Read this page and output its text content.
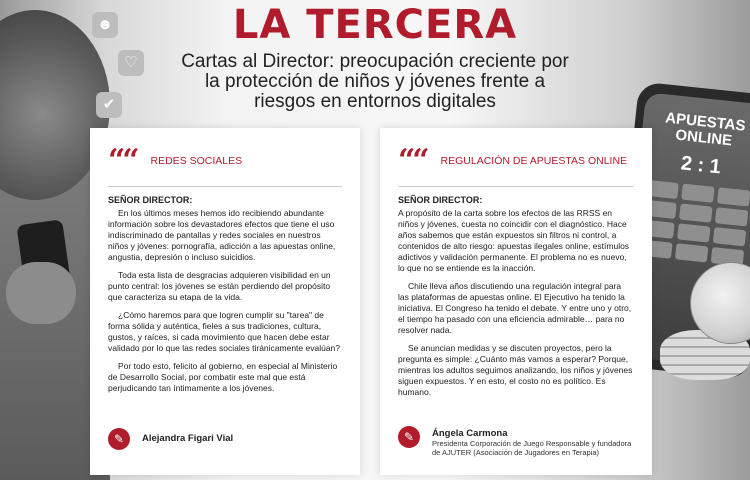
☻
♡
✔
APUESTAS ONLINE
2 : 1
LA TERCERA
Cartas al Director: preocupación creciente por la protección de niños y jóvenes frente a riesgos en entornos digitales
““ REDES SOCIALES
SEÑOR DIRECTOR:

En los últimos meses hemos ido recibiendo abundante información sobre los devastadores efectos que tiene el uso indiscriminado de pantallas y redes sociales en nuestros niños y jóvenes: pornografía, adicción a las apuestas online, angustia, depresión o incluso suicidios.

Toda esta lista de desgracias adquieren visibilidad en un punto central: los jóvenes se están perdiendo del propósito que caracteriza su etapa de la vida.

¿Cómo haremos para que logren cumplir su "tarea" de forma sólida y auténtica, fieles a sus tradiciones, cultura, gustos, y raíces, si cada movimiento que hacen debe estar validado por lo que las redes sociales tiránicamente evalúan?

Por todo esto, felicito al gobierno, en especial al Ministerio de Desarrollo Social, por combatir este mal que está perjudicando tan íntimamente a los jóvenes.

✎	Alejandra Figari Vial
““ REGULACIÓN DE APUESTAS ONLINE
SEÑOR DIRECTOR:

A propósito de la carta sobre los efectos de las RRSS en niños y jóvenes, cuesta no coincidir con el diagnóstico. Hace años sabemos que están expuestos sin filtros ni control, a contenidos de alto riesgo: apuestas ilegales online, estímulos adictivos y validación permanente. El problema no es nuevo, lo que no se entiende es la inacción.

Chile lleva años discutiendo una regulación integral para las plataformas de apuestas online. El Ejecutivo ha tenido la iniciativa. El Congreso ha tenido el debate. Y entre uno y otro, el tiempo ha pasado con una eficiencia admirable… para no resolver nada.

Se anuncian medidas y se discuten proyectos, pero la pregunta es simple: ¿Cuánto más vamos a esperar? Porque, mientras los adultos seguimos analizando, los niños y jóvenes siguen expuestos. Y en esto, el costo no es político. Es humano.

✎	Ángela Carmona
Presidenta Corporación de Juego Responsable y fundadora de AJUTER (Asociación de Jugadores en Terapia)
